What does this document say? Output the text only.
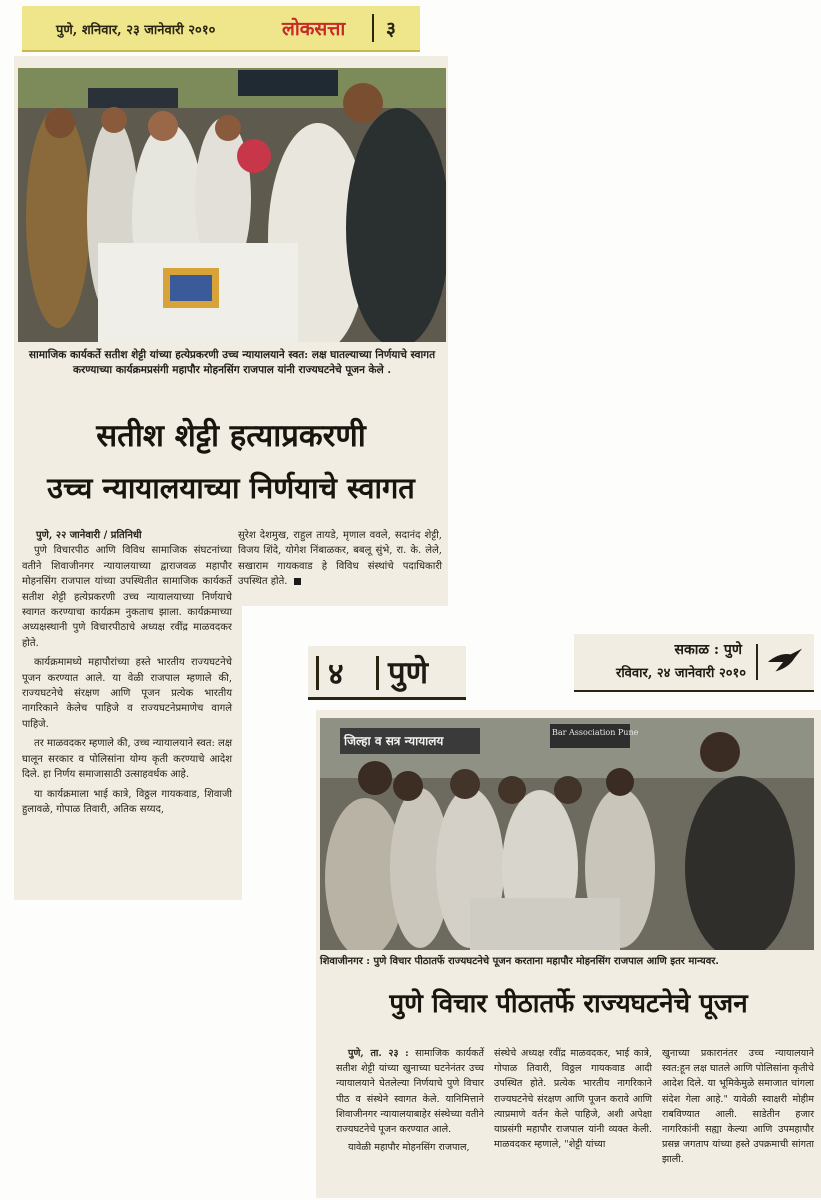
पुणे, शनिवार, २३ जानेवारी २०१०	लोकसत्ता ३
सामाजिक कार्यकर्ते सतीश शेट्टी यांच्या हत्येप्रकरणी उच्च न्यायालयाने स्वत: लक्ष घातल्याच्या निर्णयाचे स्वागत करण्याच्या कार्यक्रमप्रसंगी महापौर मोहनसिंग राजपाल यांनी राज्यघटनेचे पूजन केले .
सतीश शेट्टी हत्याप्रकरणी
उच्च न्यायालयाच्या निर्णयाचे स्वागत

सुरेश देशमुख, राहुल तायडे, मृणाल ववले, सदानंद शेट्टी, विजय शिंदे, योगेश निंबाळकर, बबलू सुंभे, रा. के. लेले, सखाराम गायकवाड हे विविध संस्थांचे पदाधिकारी उपस्थित होते.

पुणे, २२ जानेवारी / प्रतिनिधी

पुणे विचारपीठ आणि विविध सामाजिक संघटनांच्या वतीने शिवाजीनगर न्यायालयाच्या द्वाराजवळ महापौर मोहनसिंग राजपाल यांच्या उपस्थितीत सामाजिक कार्यकर्ते सतीश शेट्टी हत्येप्रकरणी उच्च न्यायालयाच्या निर्णयाचे स्वागत करण्याचा कार्यक्रम नुकताच झाला. कार्यक्रमाच्या अध्यक्षस्थानी पुणे विचारपीठाचे अध्यक्ष रवींद्र माळवदकर होते.

कार्यक्रमामध्ये महापौरांच्या हस्ते भारतीय राज्यघटनेचे पूजन करण्यात आले. या वेळी राजपाल म्हणाले की, राज्यघटनेचे संरक्षण आणि पूजन प्रत्येक भारतीय नागरिकाने केलेच पाहिजे व राज्यघटनेप्रमाणेच वागले पाहिजे.

तर माळवदकर म्हणाले की, उच्च न्यायालयाने स्वत: लक्ष घालून सरकार व पोलिसांना योग्य कृती करण्याचे आदेश दिले. हा निर्णय समाजासाठी उत्साहवर्धक आहे.

या कार्यक्रमाला भाई कात्रे, विठ्ठल गायकवाड, शिवाजी हुलावळे, गोपाळ तिवारी, अतिक सय्यद,

४ पुणे
सकाळ : पुणे
रविवार, २४ जानेवारी २०१०
जिल्हा व सत्र न्यायालय
Bar Association Pune
शिवाजीनगर : पुणे विचार पीठातर्फे राज्यघटनेचे पूजन करताना महापौर मोहनसिंग राजपाल आणि इतर मान्यवर.
पुणे विचार पीठातर्फे राज्यघटनेचे पूजन

पुणे, ता. २३ : सामाजिक कार्यकर्ते सतीश शेट्टी यांच्या खुनाच्या घटनेनंतर उच्च न्यायालयाने घेतलेल्या निर्णयाचे पुणे विचार पीठ व संस्थेने स्वागत केले. यानिमित्ताने शिवाजीनगर न्यायालयाबाहेर संस्थेच्या वतीने राज्यघटनेचे पूजन करण्यात आले.

यावेळी महापौर मोहनसिंग राजपाल,

संस्थेचे अध्यक्ष रवींद्र माळवदकर, भाई कात्रे, गोपाळ तिवारी, विठ्ठल गायकवाड आदी उपस्थित होते. प्रत्येक भारतीय नागरिकाने राज्यघटनेचे संरक्षण आणि पूजन करावे आणि त्याप्रमाणे वर्तन केले पाहिजे, अशी अपेक्षा याप्रसंगी महापौर राजपाल यांनी व्यक्त केली. माळवदकर म्हणाले, "शेट्टी यांच्या

खुनाच्या प्रकारानंतर उच्च न्यायालयाने स्वत:हून लक्ष घातले आणि पोलिसांना कृतीचे आदेश दिले. या भूमिकेमुळे समाजात चांगला संदेश गेला आहे." यावेळी स्वाक्षरी मोहीम राबविण्यात आली. साडेतीन हजार नागरिकांनी सह्या केल्या आणि उपमहापौर प्रसन्न जगताप यांच्या हस्ते उपक्रमाची सांगता झाली.
